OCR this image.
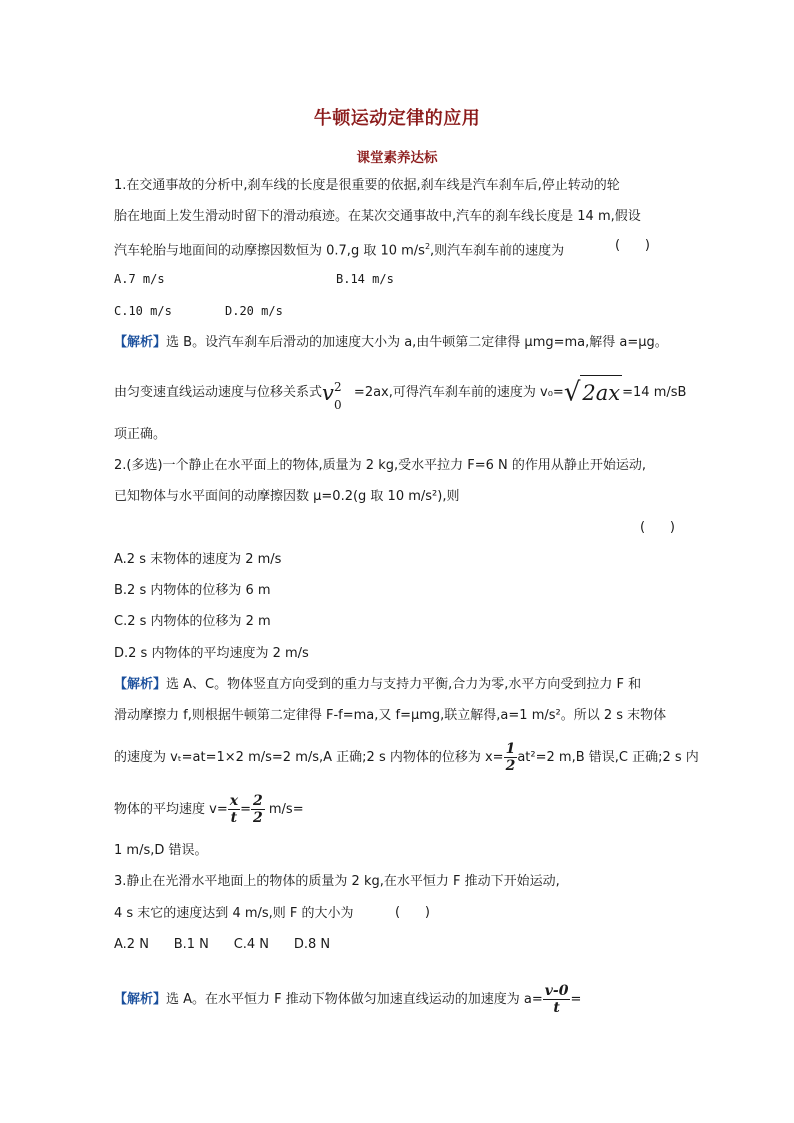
牛顿运动定律的应用
课堂素养达标
1.在交通事故的分析中,刹车线的长度是很重要的依据,刹车线是汽车刹车后,停止转动的轮
胎在地面上发生滑动时留下的滑动痕迹。在某次交通事故中,汽车的刹车线长度是 14 m,假设
汽车轮胎与地面间的动摩擦因数恒为 0.7,g 取 10 $m/s^2$,则汽车刹车前的速度为	(      )
A.7 m/s	B.14 m/s
C.10 m/s	D.20 m/s
【解析】选 B。设汽车刹车后滑动的加速度大小为 a,由牛顿第二定律得 μmg=ma,解得 a=μg。
由匀变速直线运动速度与位移关系式v 2
0
=2ax,可得汽车刹车前的速度为 v₀=√2ax =14 m/sB
项正确。
2.(多选)一个静止在水平面上的物体,质量为 2 kg,受水平拉力 F=6 N 的作用从静止开始运动,
已知物体与水平面间的动摩擦因数 μ=0.2(g 取 10 m/s²),则
(      )
A.2 s 末物体的速度为 2 m/s
B.2 s 内物体的位移为 6 m
C.2 s 内物体的位移为 2 m
D.2 s 内物体的平均速度为 2 m/s
【解析】选 A、C。物体竖直方向受到的重力与支持力平衡,合力为零,水平方向受到拉力 F 和
滑动摩擦力 f,则根据牛顿第二定律得 F-f=ma,又 f=μmg,联立解得,a=1 m/s²。所以 2 s 末物体
的速度为 vₜ=at=1×2 m/s=2 m/s,A 正确;2 s 内物体的位移为 $x= \frac{1}{2} at^2=2$ m,B 错误,C 正确;2 s 内
物体的平均速度 $v= \frac{x}{t} = \frac{2}{2} m/s=$
1 m/s,D 错误。
3.静止在光滑水平地面上的物体的质量为 2 kg,在水平恒力 F 推动下开始运动,
4 s 末它的速度达到 4 m/s,则 F 的大小为	(      )
A.2 N      B.1 N      C.4 N      D.8 N
【解析】选 A。在水平恒力 F 推动下物体做匀加速直线运动的加速度为 $a= \frac{v-0}{t}$ =
